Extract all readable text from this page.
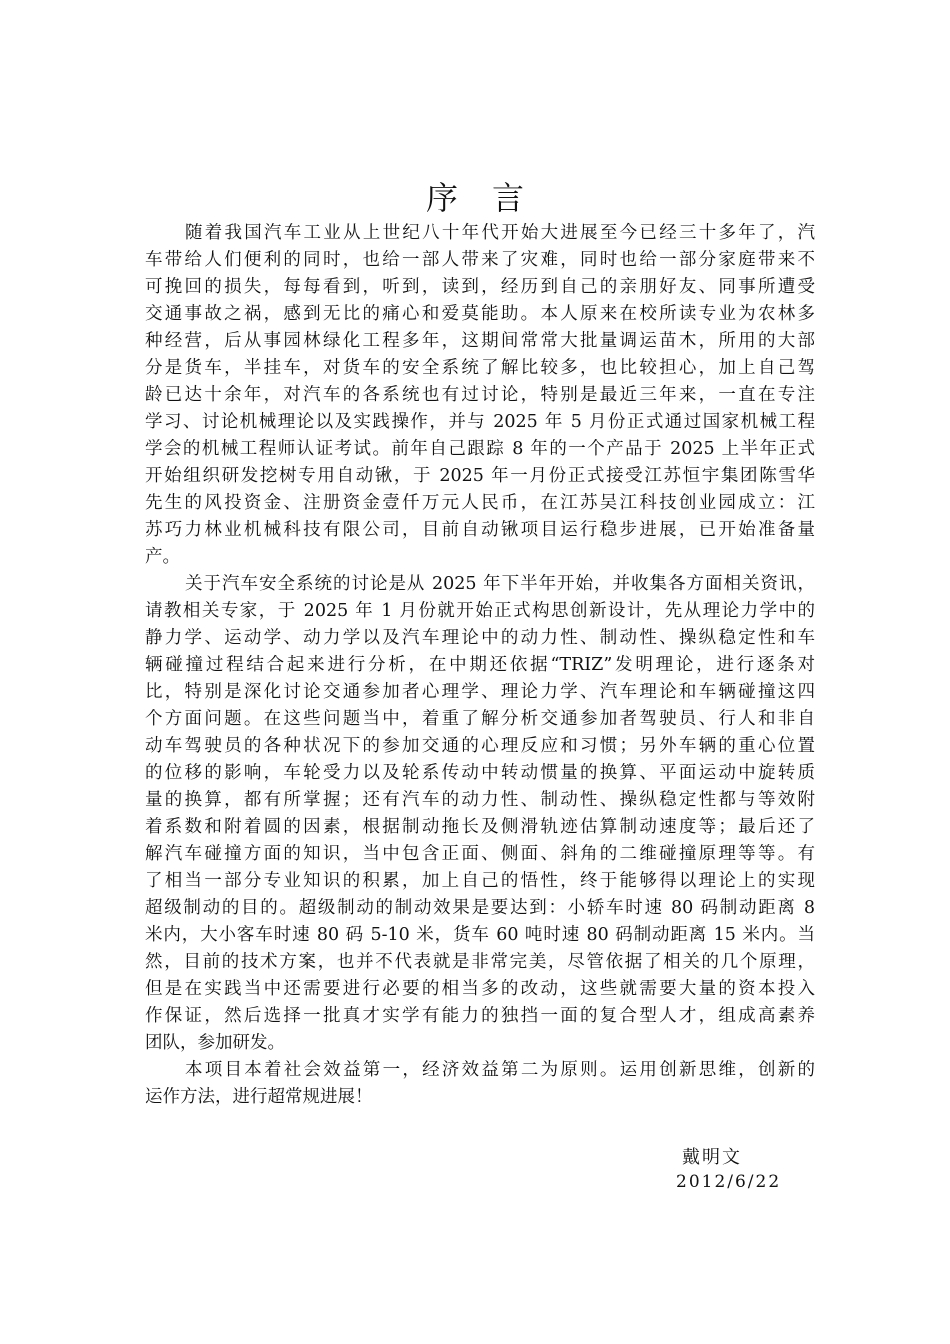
序 言
随着我国汽车工业从上世纪八十年代开始大进展至今已经三十多年了，汽
车带给人们便利的同时，也给一部人带来了灾难，同时也给一部分家庭带来不
可挽回的损失，每每看到，听到，读到，经历到自己的亲朋好友、同事所遭受
交通事故之祸，感到无比的痛心和爱莫能助。本人原来在校所读专业为农林多
种经营，后从事园林绿化工程多年，这期间常常大批量调运苗木，所用的大部
分是货车，半挂车，对货车的安全系统了解比较多，也比较担心，加上自己驾
龄已达十余年，对汽车的各系统也有过讨论，特别是最近三年来，一直在专注
学习、讨论机械理论以及实践操作，并与 2025 年 5 月份正式通过国家机械工程
学会的机械工程师认证考试。前年自己跟踪 8 年的一个产品于 2025 上半年正式
开始组织研发挖树专用自动锹，于 2025 年一月份正式接受江苏恒宇集团陈雪华
先生的风投资金、注册资金壹仟万元人民币，在江苏吴江科技创业园成立：江
苏巧力林业机械科技有限公司，目前自动锹项目运行稳步进展，已开始准备量
产。
关于汽车安全系统的讨论是从 2025 年下半年开始，并收集各方面相关资讯，
请教相关专家，于 2025 年 1 月份就开始正式构思创新设计，先从理论力学中的
静力学、运动学、动力学以及汽车理论中的动力性、制动性、操纵稳定性和车
辆碰撞过程结合起来进行分析，在中期还依据“TRIZ”发明理论，进行逐条对
比，特别是深化讨论交通参加者心理学、理论力学、汽车理论和车辆碰撞这四
个方面问题。在这些问题当中，着重了解分析交通参加者驾驶员、行人和非自
动车驾驶员的各种状况下的参加交通的心理反应和习惯；另外车辆的重心位置
的位移的影响，车轮受力以及轮系传动中转动惯量的换算、平面运动中旋转质
量的换算，都有所掌握；还有汽车的动力性、制动性、操纵稳定性都与等效附
着系数和附着圆的因素，根据制动拖长及侧滑轨迹估算制动速度等；最后还了
解汽车碰撞方面的知识，当中包含正面、侧面、斜角的二维碰撞原理等等。有
了相当一部分专业知识的积累，加上自己的悟性，终于能够得以理论上的实现
超级制动的目的。超级制动的制动效果是要达到：小轿车时速 80 码制动距离 8
米内，大小客车时速 80 码 5-10 米，货车 60 吨时速 80 码制动距离 15 米内。当
然，目前的技术方案，也并不代表就是非常完美，尽管依据了相关的几个原理，
但是在实践当中还需要进行必要的相当多的改动，这些就需要大量的资本投入
作保证，然后选择一批真才实学有能力的独挡一面的复合型人才，组成高素养
团队，参加研发。
本项目本着社会效益第一，经济效益第二为原则。运用创新思维，创新的
运作方法，进行超常规进展！
戴明文
2012/6/22
